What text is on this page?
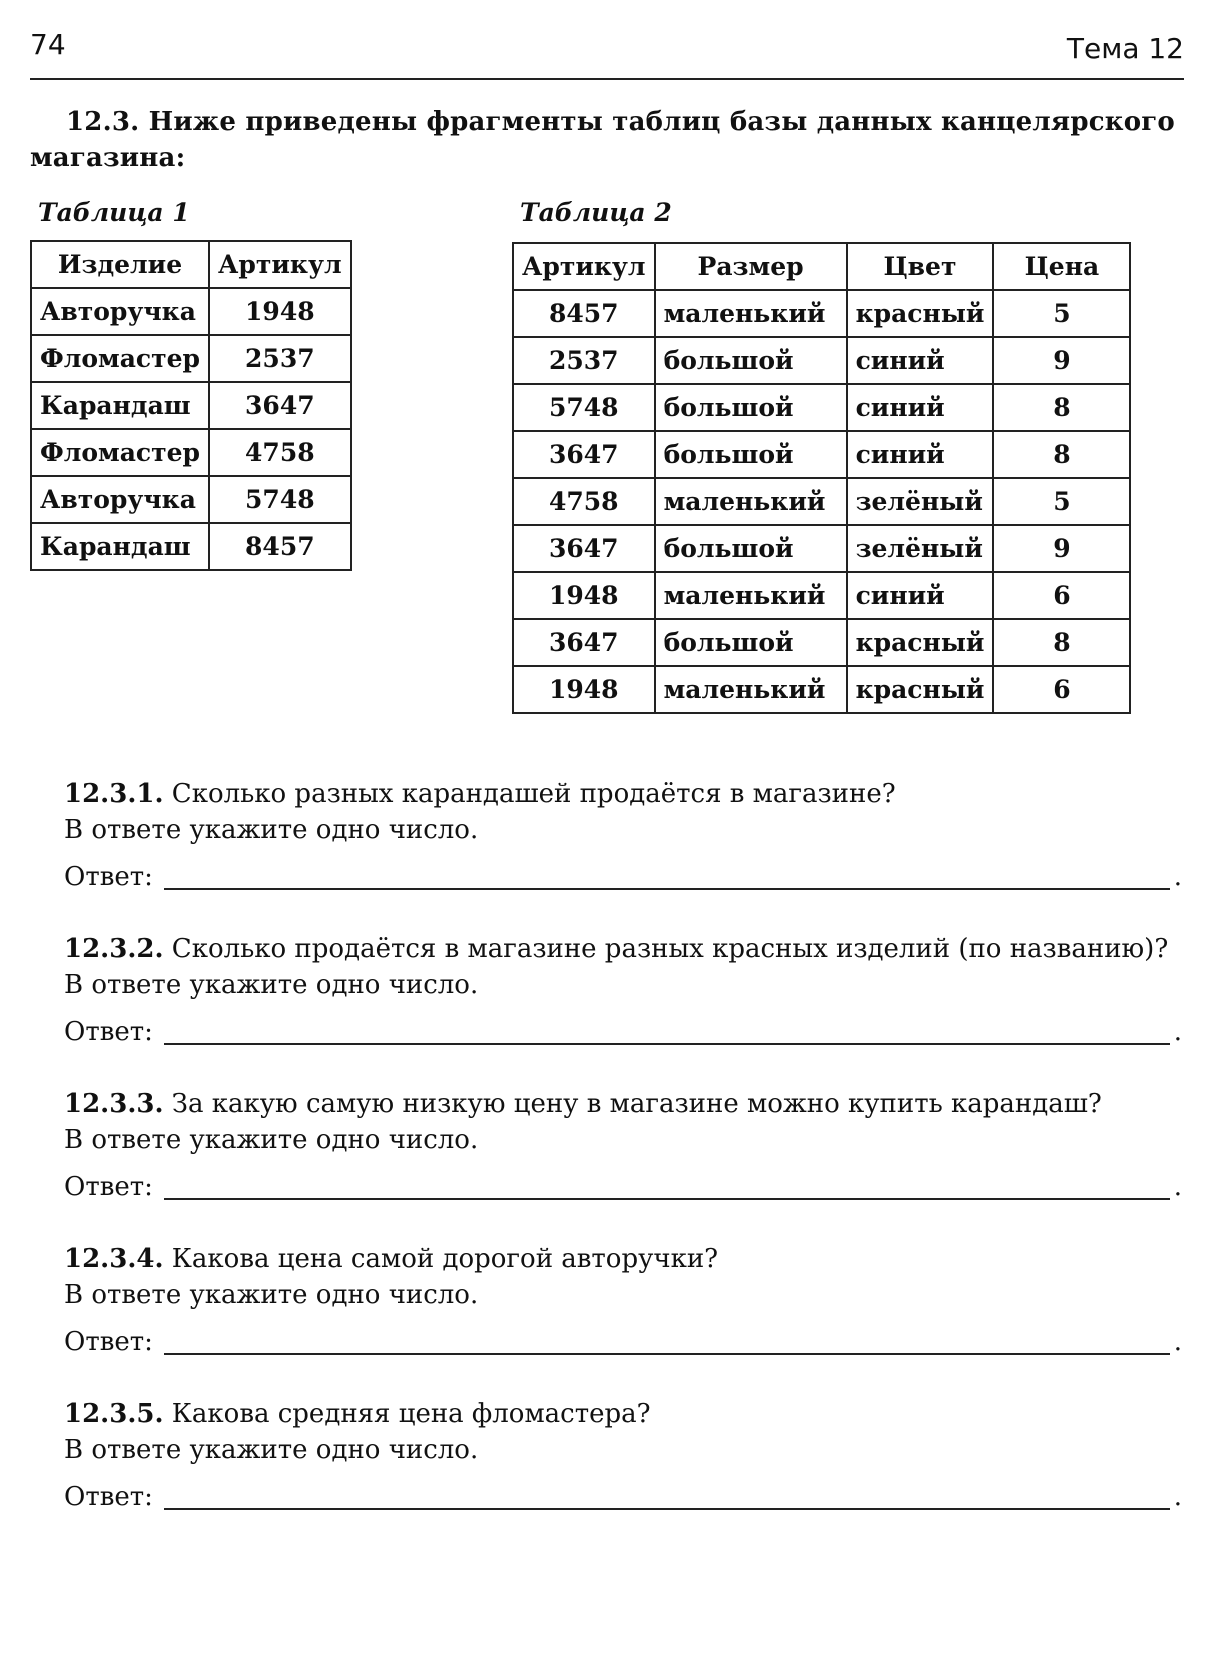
74	Тема 12
12.3. Ниже приведены фрагменты таблиц базы данных канцелярского магазина:
Таблица 1	Таблица 2
Изделие	Артикул
Авторучка	1948
Фломастер	2537
Карандаш	3647
Фломастер	4758
Авторучка	5748
Карандаш	8457
Артикул	Размер	Цвет	Цена
8457	маленький	красный	5
2537	большой	синий	9
5748	большой	синий	8
3647	большой	синий	8
4758	маленький	зелёный	5
3647	большой	зелёный	9
1948	маленький	синий	6
3647	большой	красный	8
1948	маленький	красный	6
12.3.1. Сколько разных карандашей продаётся в магазине?
В ответе укажите одно число.
Ответ:	.
12.3.2. Сколько продаётся в магазине разных красных изделий (по названию)?
В ответе укажите одно число.
Ответ:	.
12.3.3. За какую самую низкую цену в магазине можно купить карандаш?
В ответе укажите одно число.
Ответ:	.
12.3.4. Какова цена самой дорогой авторучки?
В ответе укажите одно число.
Ответ:	.
12.3.5. Какова средняя цена фломастера?
В ответе укажите одно число.
Ответ:	.
